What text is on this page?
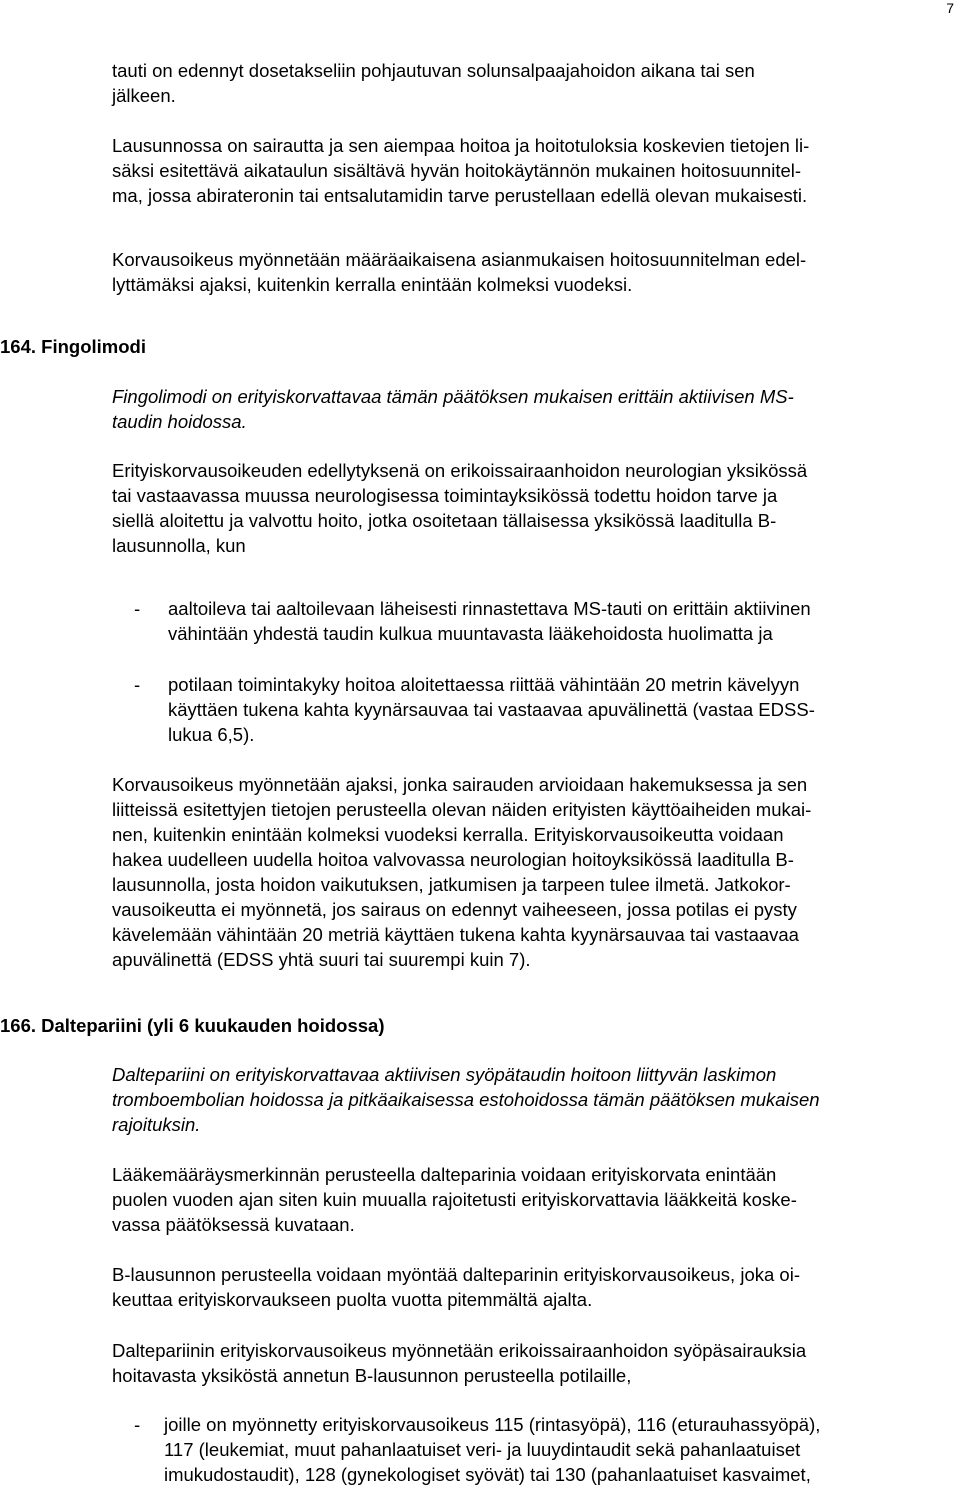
7
tauti on edennyt dosetakseliin pohjautuvan solunsalpaajahoidon aikana tai sen
jälkeen.
Lausunnossa on sairautta ja sen aiempaa hoitoa ja hoitotuloksia koskevien tietojen li-
säksi esitettävä aikataulun sisältävä hyvän hoitokäytännön mukainen hoitosuunnitel-
ma, jossa abirateronin tai entsalutamidin tarve perustellaan edellä olevan mukaisesti.
Korvausoikeus myönnetään määräaikaisena asianmukaisen hoitosuunnitelman edel-
lyttämäksi ajaksi, kuitenkin kerralla enintään kolmeksi vuodeksi.
164. Fingolimodi
Fingolimodi on erityiskorvattavaa tämän päätöksen mukaisen erittäin aktiivisen MS-
taudin hoidossa.
Erityiskorvausoikeuden edellytyksenä on erikoissairaanhoidon neurologian yksikössä
tai vastaavassa muussa neurologisessa toimintayksikössä todettu hoidon tarve ja
siellä aloitettu ja valvottu hoito, jotka osoitetaan tällaisessa yksikössä laaditulla B-
lausunnolla, kun
- aaltoileva tai aaltoilevaan läheisesti rinnastettava MS-tauti on erittäin aktiivinen
vähintään yhdestä taudin kulkua muuntavasta lääkehoidosta huolimatta ja
- potilaan toimintakyky hoitoa aloitettaessa riittää vähintään 20 metrin kävelyyn
käyttäen tukena kahta kyynärsauvaa tai vastaavaa apuvälinettä (vastaa EDSS-
lukua 6,5).
Korvausoikeus myönnetään ajaksi, jonka sairauden arvioidaan hakemuksessa ja sen
liitteissä esitettyjen tietojen perusteella olevan näiden erityisten käyttöaiheiden mukai-
nen, kuitenkin enintään kolmeksi vuodeksi kerralla. Erityiskorvausoikeutta voidaan
hakea uudelleen uudella hoitoa valvovassa neurologian hoitoyksikössä laaditulla B-
lausunnolla, josta hoidon vaikutuksen, jatkumisen ja tarpeen tulee ilmetä. Jatkokor-
vausoikeutta ei myönnetä, jos sairaus on edennyt vaiheeseen, jossa potilas ei pysty
kävelemään vähintään 20 metriä käyttäen tukena kahta kyynärsauvaa tai vastaavaa
apuvälinettä (EDSS yhtä suuri tai suurempi kuin 7).
166. Daltepariini (yli 6 kuukauden hoidossa)
Daltepariini on erityiskorvattavaa aktiivisen syöpätaudin hoitoon liittyvän laskimon
tromboembolian hoidossa ja pitkäaikaisessa estohoidossa tämän päätöksen mukaisen
rajoituksin.
Lääkemääräysmerkinnän perusteella dalteparinia voidaan erityiskorvata enintään
puolen vuoden ajan siten kuin muualla rajoitetusti erityiskorvattavia lääkkeitä koske-
vassa päätöksessä kuvataan.
B-lausunnon perusteella voidaan myöntää dalteparinin erityiskorvausoikeus, joka oi-
keuttaa erityiskorvaukseen puolta vuotta pitemmältä ajalta.
Daltepariinin erityiskorvausoikeus myönnetään erikoissairaanhoidon syöpäsairauksia
hoitavasta yksiköstä annetun B-lausunnon perusteella potilaille,
- joille on myönnetty erityiskorvausoikeus 115 (rintasyöpä), 116 (eturauhassyöpä),
117 (leukemiat, muut pahanlaatuiset veri- ja luuydintaudit sekä pahanlaatuiset
imukudostaudit), 128 (gynekologiset syövät) tai 130 (pahanlaatuiset kasvaimet,
